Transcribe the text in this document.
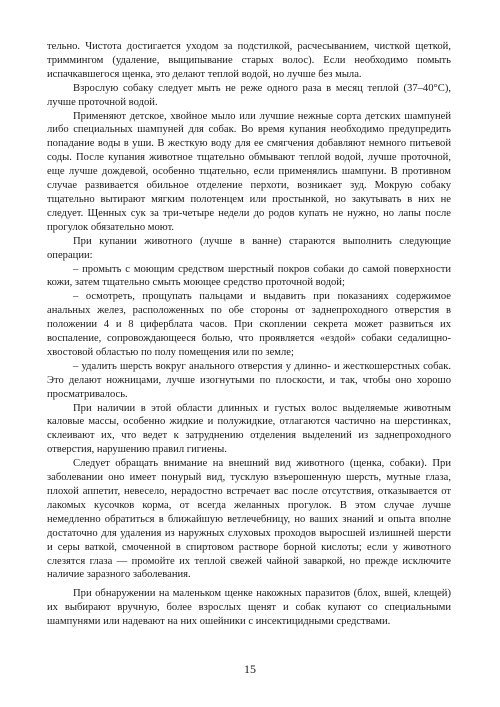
тельно. Чистота достигается уходом за подстилкой, расчесыванием, чисткой щеткой, триммингом (удаление, выщипывание старых волос). Если необходимо помыть испачкавшегося щенка, это делают теплой водой, но лучше без мыла.

Взрослую собаку следует мыть не реже одного раза в месяц теплой (37–40°С), лучше проточной водой.

Применяют детское, хвойное мыло или лучшие нежные сорта детских шампуней либо специальных шампуней для собак. Во время купания необходимо предупредить попадание воды в уши. В жесткую воду для ее смягчения добавляют немного питьевой соды. После купания животное тщательно обмывают теплой водой, лучше проточной, еще лучше дождевой, особенно тщательно, если применялись шампуни. В противном случае развивается обильное отделение перхоти, возникает зуд. Мокрую собаку тщательно вытирают мягким полотенцем или простынкой, но закутывать в них не следует. Щенных сук за три-четыре недели до родов купать не нужно, но лапы после прогулок обязательно моют.

При купании животного (лучше в ванне) стараются выполнить следующие операции:

– промыть с моющим средством шерстный покров собаки до самой поверхности кожи, затем тщательно смыть моющее средство проточной водой;

– осмотреть, прощупать пальцами и выдавить при показаниях содержимое анальных желез, расположенных по обе стороны от заднепроходного отверстия в положении 4 и 8 циферблата часов. При скоплении секрета может развиться их воспаление, сопровождающееся болью, что проявляется «ездой» собаки седалищно-хвостовой областью по полу помещения или по земле;

– удалить шерсть вокруг анального отверстия у длинно- и жесткошерстных собак. Это делают ножницами, лучше изогнутыми по плоскости, и так, чтобы оно хорошо просматривалось.

При наличии в этой области длинных и густых волос выделяемые животным каловые массы, особенно жидкие и полужидкие, отлагаются частично на шерстинках, склеивают их, что ведет к затруднению отделения выделений из заднепроходного отверстия, нарушению правил гигиены.

Следует обращать внимание на внешний вид животного (щенка, собаки). При заболевании оно имеет понурый вид, тусклую взъерошенную шерсть, мутные глаза, плохой аппетит, невесело, нерадостно встречает вас после отсутствия, отказывается от лакомых кусочков корма, от всегда желанных прогулок. В этом случае лучше немедленно обратиться в ближайшую ветлечебницу, но ваших знаний и опыта вполне достаточно для удаления из наружных слуховых проходов выросшей излишней шерсти и серы ваткой, смоченной в спиртовом растворе борной кислоты; если у животного слезятся глаза — промойте их теплой свежей чайной заваркой, но прежде исключите наличие заразного заболевания.

При обнаружении на маленьком щенке накожных паразитов (блох, вшей, клещей) их выбирают вручную, более взрослых щенят и собак купают со специальными шампунями или надевают на них ошейники с инсектицидными средствами.

15
